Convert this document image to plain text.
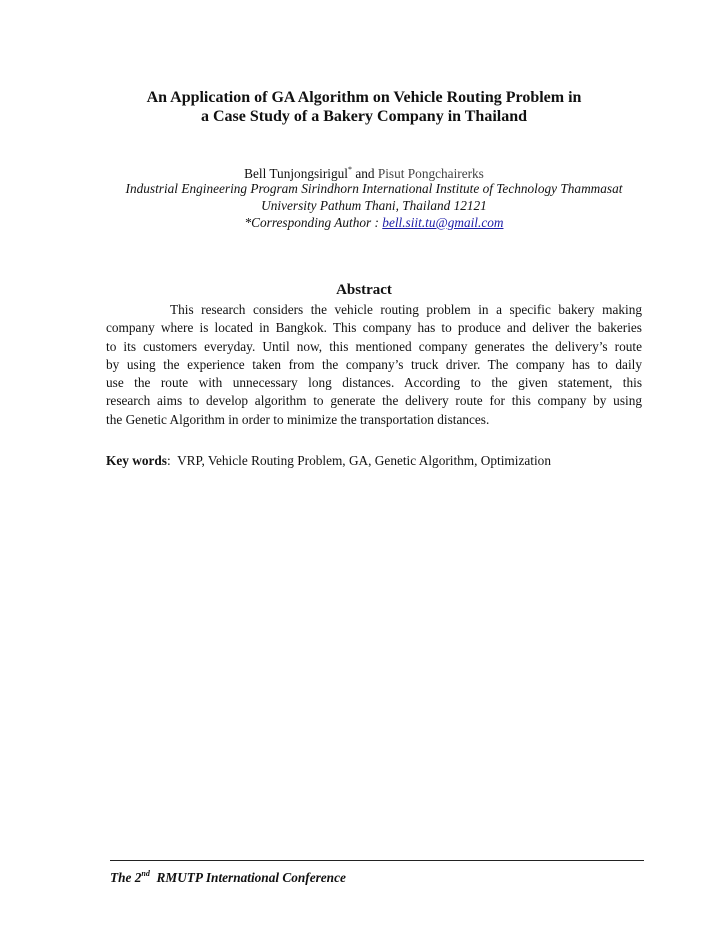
An Application of GA Algorithm on Vehicle Routing Problem in
a Case Study of a Bakery Company in Thailand
Bell Tunjongsirigul* and Pisut Pongchairerks
Industrial Engineering Program Sirindhorn International Institute of Technology Thammasat
University Pathum Thani, Thailand 12121
*Corresponding Author : bell.siit.tu@gmail.com
Abstract
This research considers the vehicle routing problem in a specific bakery making
company where is located in Bangkok. This company has to produce and deliver the bakeries
to its customers everyday. Until now, this mentioned company generates the delivery’s route
by using the experience taken from the company’s truck driver. The company has to daily
use the route with unnecessary long distances. According to the given statement, this
research aims to develop algorithm to generate the delivery route for this company by using
the Genetic Algorithm in order to minimize the transportation distances.
Key words: VRP, Vehicle Routing Problem, GA, Genetic Algorithm, Optimization
The 2nd RMUTP International Conference
